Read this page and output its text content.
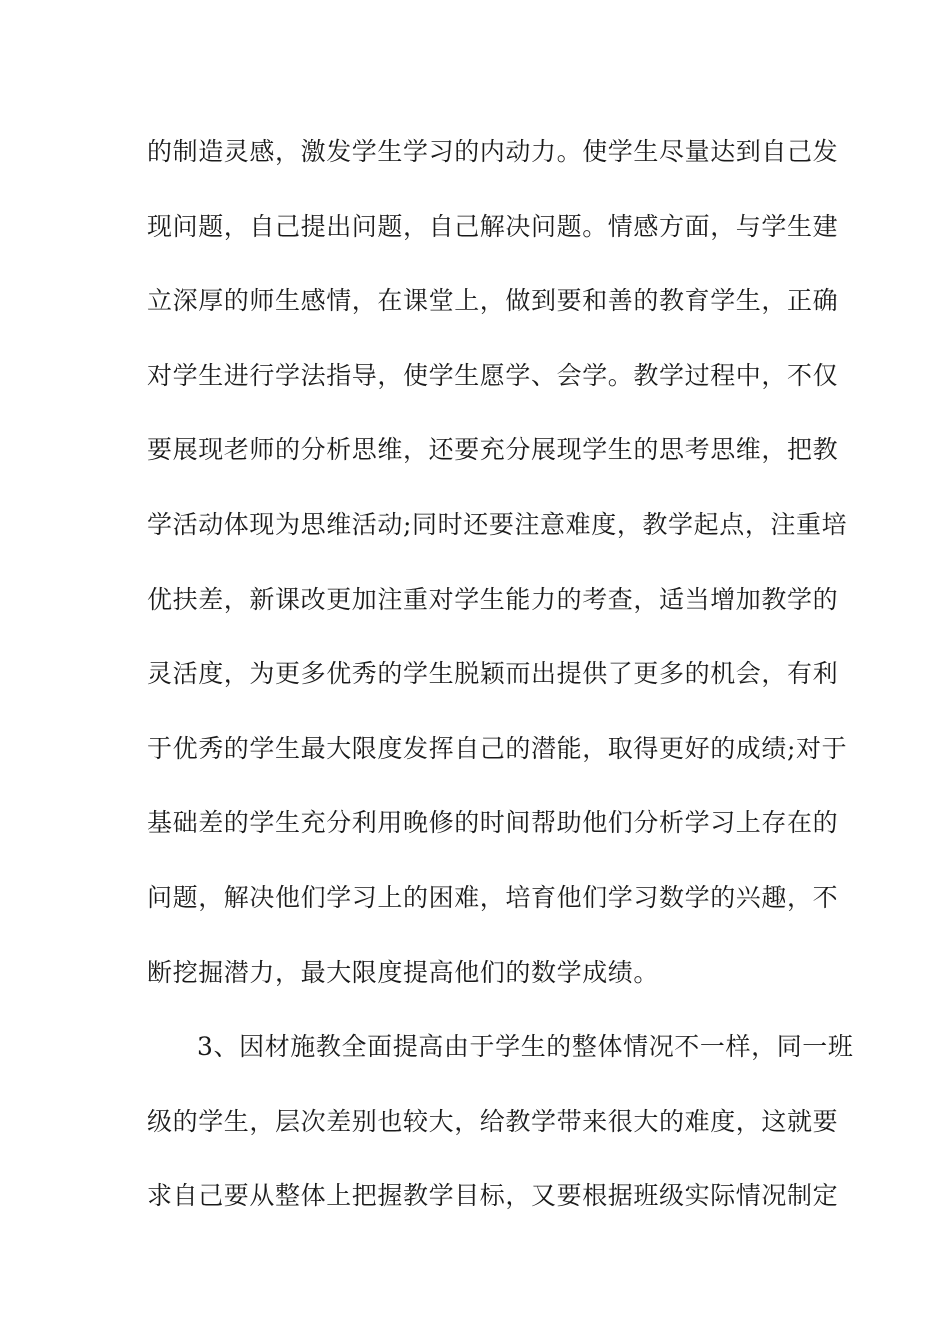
的制造灵感，激发学生学习的内动力。使学生尽量达到自己发
现问题，自己提出问题，自己解决问题。情感方面，与学生建
立深厚的师生感情，在课堂上，做到要和善的教育学生，正确
对学生进行学法指导，使学生愿学、会学。教学过程中，不仅
要展现老师的分析思维，还要充分展现学生的思考思维，把教
学活动体现为思维活动;同时还要注意难度，教学起点，注重培
优扶差，新课改更加注重对学生能力的考查，适当增加教学的
灵活度，为更多优秀的学生脱颖而出提供了更多的机会，有利
于优秀的学生最大限度发挥自己的潜能，取得更好的成绩;对于
基础差的学生充分利用晚修的时间帮助他们分析学习上存在的
问题，解决他们学习上的困难，培育他们学习数学的兴趣，不
断挖掘潜力，最大限度提高他们的数学成绩。
3、因材施教全面提高由于学生的整体情况不一样，同一班
级的学生，层次差别也较大，给教学带来很大的难度，这就要
求自己要从整体上把握教学目标，又要根据班级实际情况制定
